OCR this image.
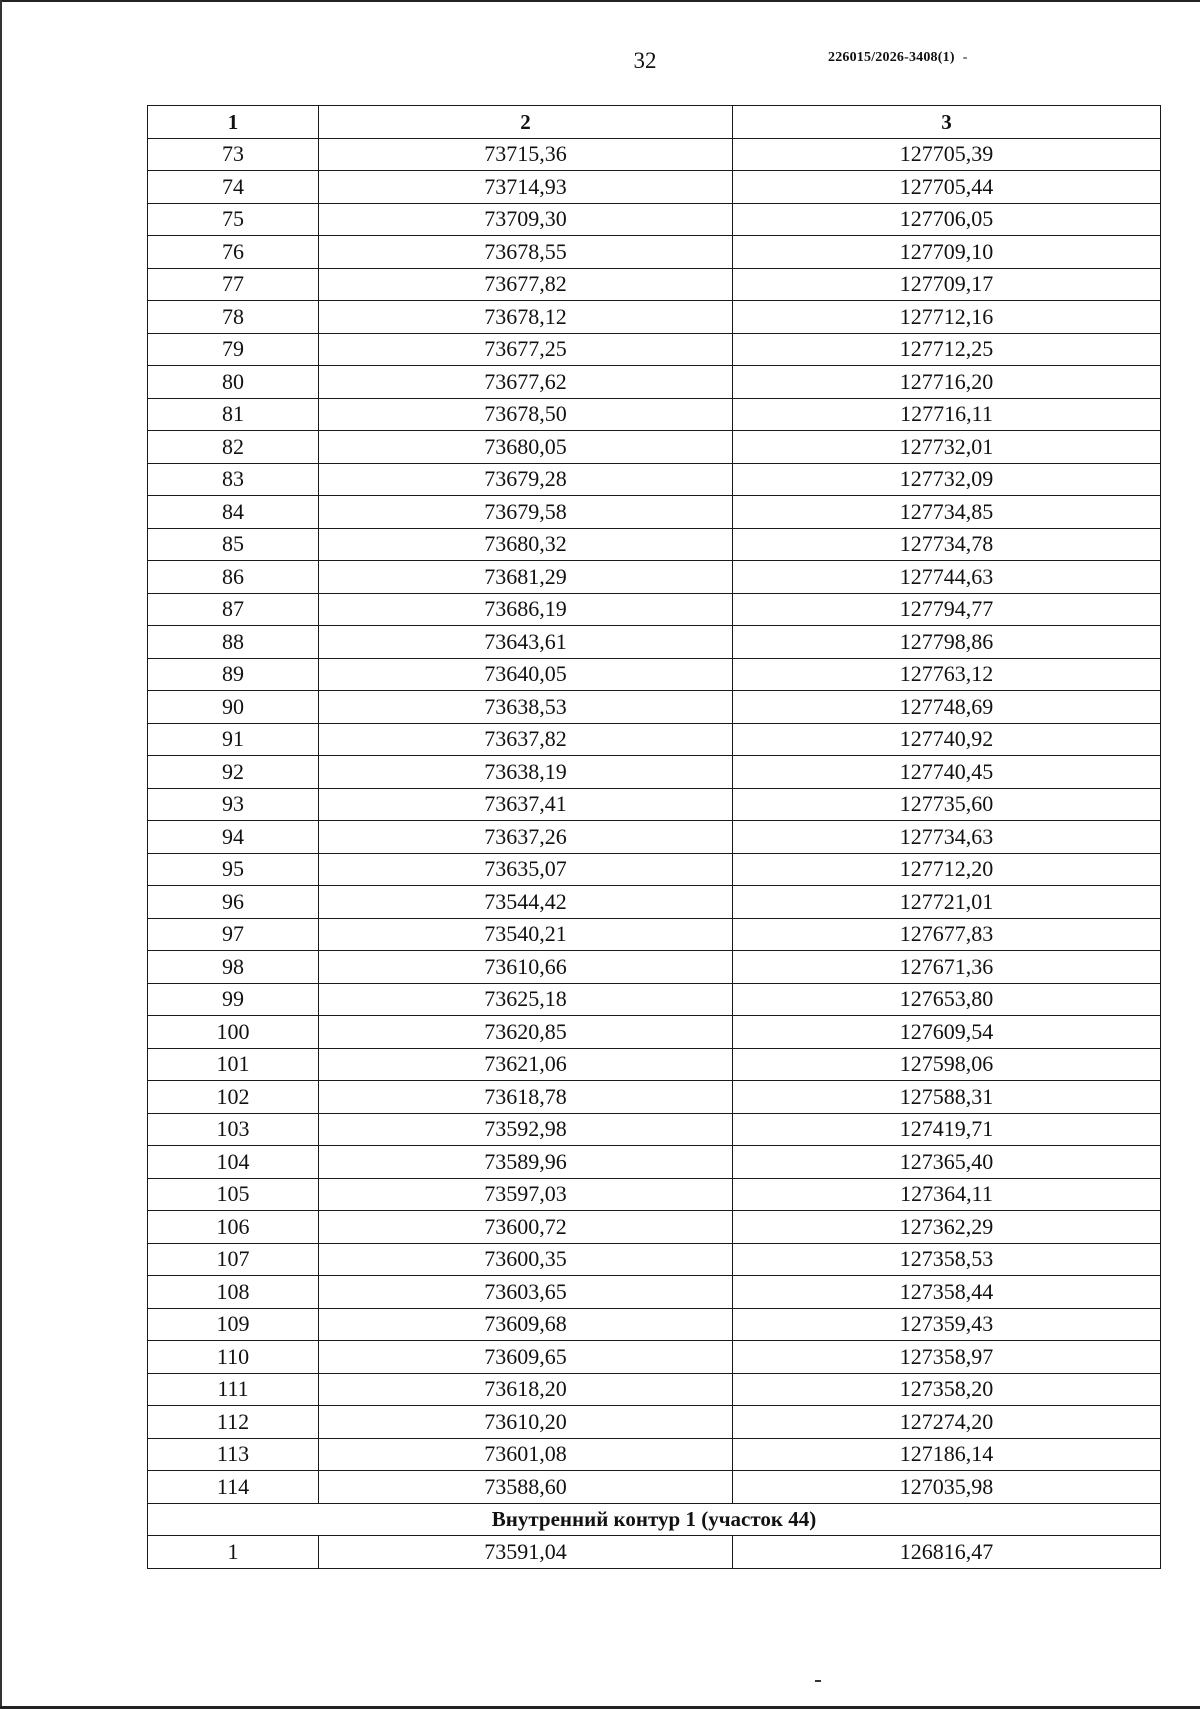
32	226015/2026-3408(1) -
1	2	3
73	73715,36	127705,39
74	73714,93	127705,44
75	73709,30	127706,05
76	73678,55	127709,10
77	73677,82	127709,17
78	73678,12	127712,16
79	73677,25	127712,25
80	73677,62	127716,20
81	73678,50	127716,11
82	73680,05	127732,01
83	73679,28	127732,09
84	73679,58	127734,85
85	73680,32	127734,78
86	73681,29	127744,63
87	73686,19	127794,77
88	73643,61	127798,86
89	73640,05	127763,12
90	73638,53	127748,69
91	73637,82	127740,92
92	73638,19	127740,45
93	73637,41	127735,60
94	73637,26	127734,63
95	73635,07	127712,20
96	73544,42	127721,01
97	73540,21	127677,83
98	73610,66	127671,36
99	73625,18	127653,80
100	73620,85	127609,54
101	73621,06	127598,06
102	73618,78	127588,31
103	73592,98	127419,71
104	73589,96	127365,40
105	73597,03	127364,11
106	73600,72	127362,29
107	73600,35	127358,53
108	73603,65	127358,44
109	73609,68	127359,43
110	73609,65	127358,97
111	73618,20	127358,20
112	73610,20	127274,20
113	73601,08	127186,14
114	73588,60	127035,98
Внутренний контур 1 (участок 44)		
1	73591,04	126816,47
